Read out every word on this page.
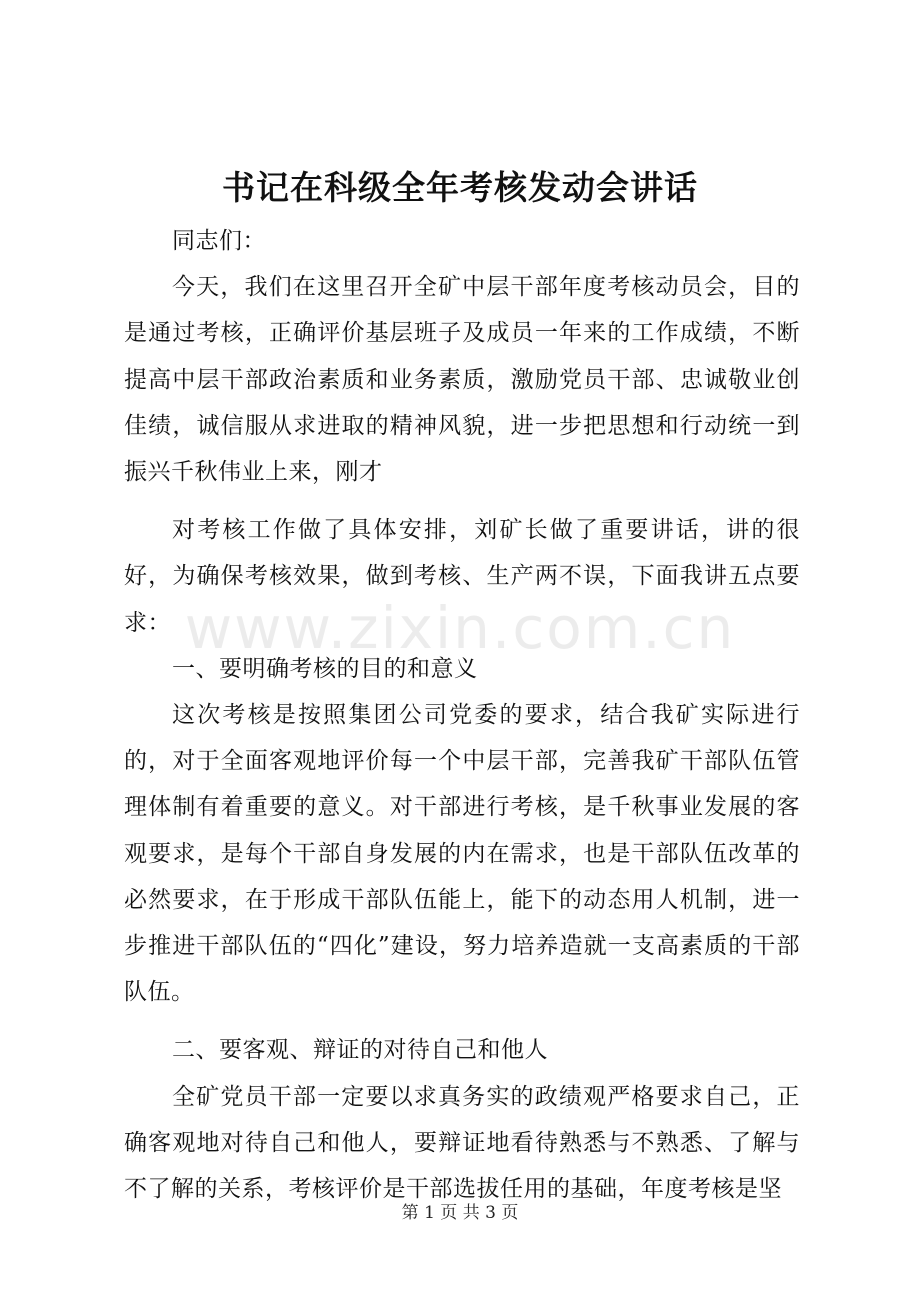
www.zixin.com.cn
书记在科级全年考核发动会讲话

同志们：

今天，我们在这里召开全矿中层干部年度考核动员会，目的是通过考核，正确评价基层班子及成员一年来的工作成绩，不断提高中层干部政治素质和业务素质，激励党员干部、忠诚敬业创佳绩，诚信服从求进取的精神风貌，进一步把思想和行动统一到振兴千秋伟业上来，刚才

对考核工作做了具体安排，刘矿长做了重要讲话，讲的很好，为确保考核效果，做到考核、生产两不误，下面我讲五点要求：

一、要明确考核的目的和意义

这次考核是按照集团公司党委的要求，结合我矿实际进行的，对于全面客观地评价每一个中层干部，完善我矿干部队伍管理体制有着重要的意义。对干部进行考核，是千秋事业发展的客观要求，是每个干部自身发展的内在需求，也是干部队伍改革的必然要求，在于形成干部队伍能上，能下的动态用人机制，进一步推进干部队伍的“四化”建设，努力培养造就一支高素质的干部队伍。

二、要客观、辩证的对待自己和他人

全矿党员干部一定要以求真务实的政绩观严格要求自己，正确客观地对待自己和他人，要辩证地看待熟悉与不熟悉、了解与不了解的关系，考核评价是干部选拔任用的基础，年度考核是坚

第 1 页 共 3 页
